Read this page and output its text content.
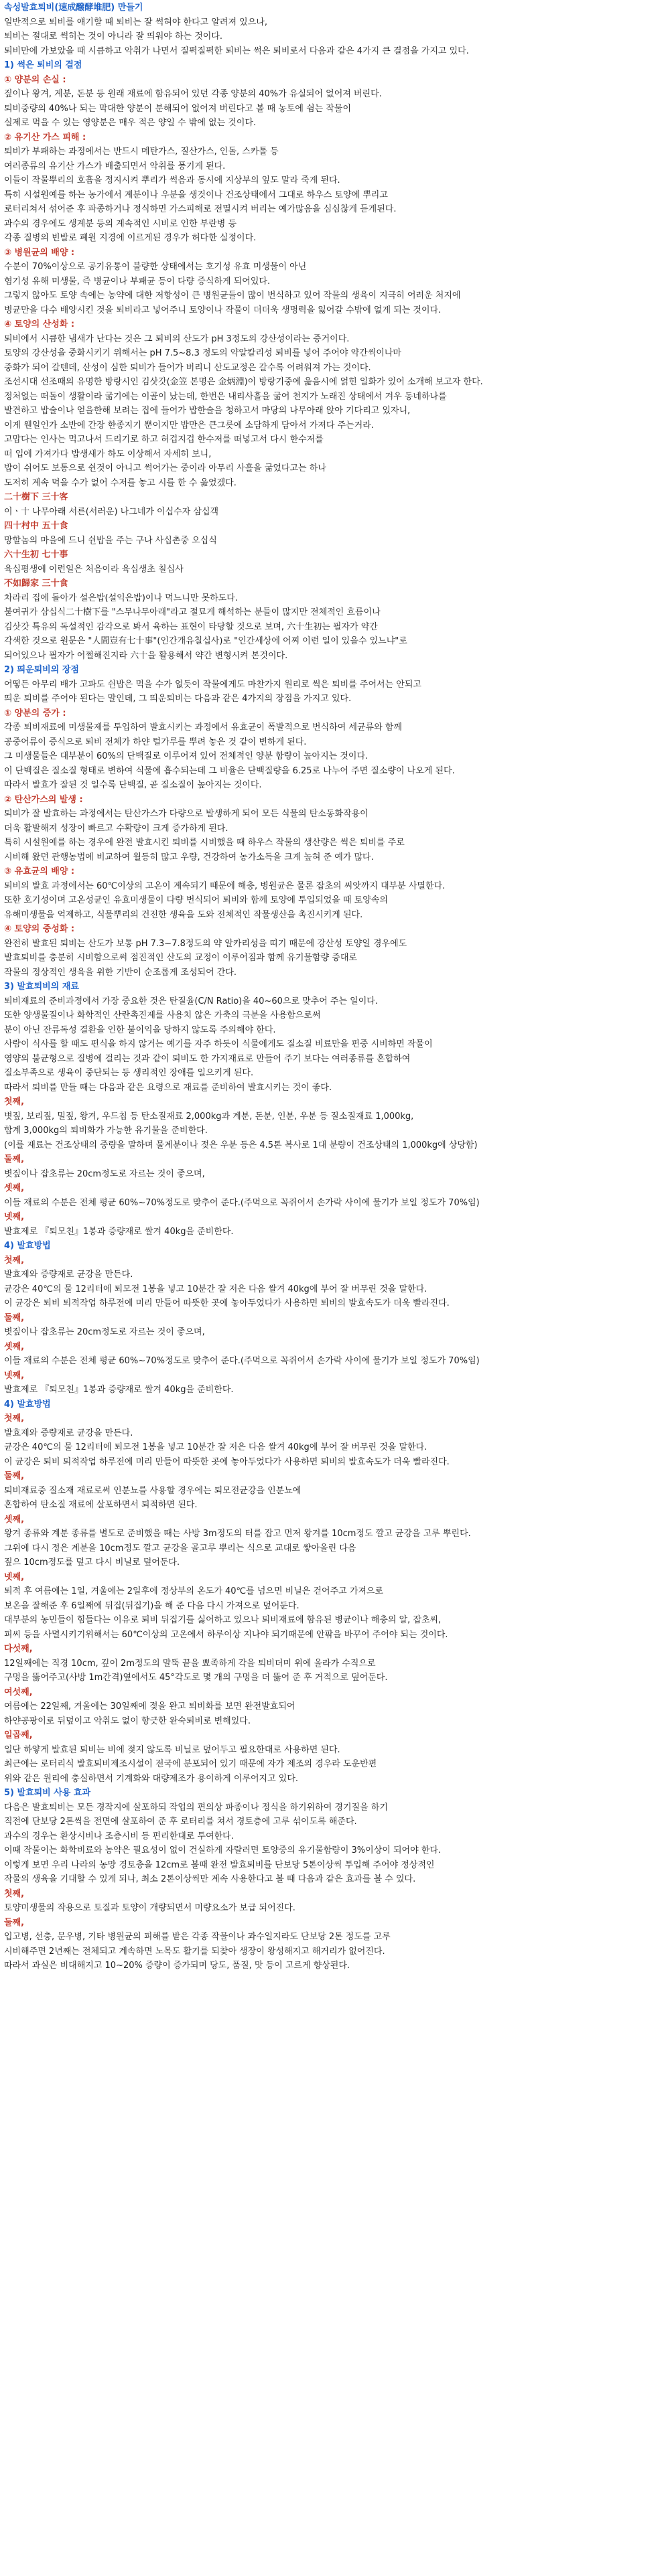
속성발효퇴비(速成醱酵堆肥) 만들기
일반적으로 퇴비를 얘기할 때 퇴비는 잘 썩혀야 한다고 알려져 있으나,
퇴비는 절대로 썩히는 것이 아니라 잘 띄워야 하는 것이다.
퇴비만에 가보았을 때 시큼하고 악취가 나면서 질펵질펵한 퇴비는 썩은 퇴비로서 다음과 같은 4가지 큰 결점을 가지고 있다.
1) 썩은 퇴비의 결점
① 양분의 손실 :
짚이나 왕겨, 계분, 돈분 등 원래 재료에 함유되어 있던 각종 양분의 40%가 유실되어 없어져 버린다.
퇴비중량의 40%나 되는 막대한 양분이 분해되어 없어져 버린다고 볼 때 농토에 쉼는 작물이
실제로 먹을 수 있는 영양분은 매우 적은 양일 수 밖에 없는 것이다.
② 유기산 가스 피해 :
퇴비가 부패하는 과정에서는 반드시 메탄가스, 질산가스, 인돌, 스카톨 등
여러종류의 유기산 가스가 배출되면서 악취를 풍기게 된다.
이들이 작물뿌리의 호흡을 정지시켜 뿌리가 썩음과 동시에 지상부의 잎도 말라 죽게 된다.
특히 시설원예를 하는 농가에서 계분이나 우분을 생것이나 건조상태에서 그대로 하우스 토양에 뿌리고
로터리쳐서 섞어준 후 파종하거나 정식하면 가스피해로 전멸시켜 버리는 예가많음을 심심찮게 듣게된다.
과수의 경우에도 생계분 등의 계속적인 시비로 인한 부란병 등
각종 질병의 빈발로 폐원 지경에 이르게된 경우가 허다한 실정이다.
③ 병원균의 배양 :
수분이 70%이상으로 공기유통이 불량한 상태에서는 호기성 유효 미생물이 아닌
혐기성 유해 미생물, 즉 병균이나 부패균 등이 다량 증식하게 되어있다.
그렇지 않아도 토양 속에는 농약에 대한 저항성이 큰 병원균들이 많이 번식하고 있어 작물의 생육이 지극히 어려운 처지에
병균만을 다수 배양시킨 것을 퇴비라고 넣어주니 토양이나 작물이 더더욱 생명력을 잃어갈 수밖에 없게 되는 것이다.
④ 토양의 산성화 :
퇴비에서 시큼한 냄새가 난다는 것은 그 퇴비의 산도가 pH 3정도의 강산성이라는 증거이다.
토양의 강산성을 중화시키기 위해서는 pH 7.5~8.3 정도의 약알칼리성 퇴비를 넣어 주어야 약간씩이나마
중화가 되어 갈텐데, 산성이 심한 퇴비가 들어가 버리니 산도교정은 갈수록 어려워져 가는 것이다.
조선시대 선조때의 유명한 방랑시인 김삿갓(金笠 본명은 金炳淵)이 방랑기중에 읊음시에 얽힌 일화가 있어 소개해 보고자 한다.
정처없는 떠돌이 생활이라 굶기에는 이골이 났는데, 한번은 내리사흘을 굶어 천지가 노래진 상태에서 겨우 동네하나를
발견하고 밥술이나 얻을한해 보려는 집에 들어가 밥한술을 청하고서 마당의 나무아래 앉아 기다리고 있자니,
이게 웬일인가 소반에 간장 한종지기 뿐이지만 밥만은 큰그릇에 소담하게 담아서 가져다 주는거라.
고맙다는 인사는 먹고나서 드리기로 하고 허겁지겁 한수저를 떠넣고서 다시 한수저를
떠 입에 가져가다 밥생새가 하도 이상해서 자세히 보니,
밥이 쉬어도 보통으로 쉰것이 아니고 썩어가는 중이라 아무리 사흘을 굶었다고는 하나
도저히 계속 먹을 수가 없어 수저를 놓고 시를 한 수 읊었겠다.
二十樹下 三十客
이ㆍ十 나무아래 서른(서러운) 나그네가 이십수자 삼십객
四十村中 五十食
망할놈의 마을에 드니 쉰밥을 주는 구나 사십촌중 오십식
六十生初 七十事
육십평생에 이런일은 처음이라 육십생초 칠십사
不如歸家 三十食
차라리 집에 돌아가 설은밥(설익은밥)이나 먹느니만 못하도다.
불여귀가 삼십식二十樹下를 "스무나무아래"라고 절묘게 해석하는 분들이 많지만 전체적인 흐름이나
김삿갓 특유의 독설적인 감각으로 봐서 육하는 표현이 타당할 것으로 보며, 六十生初는 필자가 약간
각색한 것으로 원문은 "人間豈有七十事"(인간개유칠십사)로 "인간세상에 어찌 이런 일이 있을수 있느냐"로
되어있으나 필자가 어쩔해진지라 六十을 활용해서 약간 변형시켜 본것이다.
2) 띄운퇴비의 장점
어떻든 아무리 배가 고파도 쉰밥은 먹을 수가 없듯이 작물에게도 마찬가지 원리로 썩은 퇴비를 주어서는 안되고
띄운 퇴비를 주어야 된다는 말인데, 그 띄운퇴비는 다음과 같은 4가지의 장점을 가지고 있다.
① 양분의 증가 :
각종 퇴비재료에 미생물제를 투입하여 발효시키는 과정에서 유효균이 폭발적으로 번식하여 세균류와 함께
공중어류이 증식으로 퇴비 전체가 하얀 털가루를 뿌려 놓은 것 같이 변하게 된다.
그 미생물들은 대부분이 60%의 단백질로 이루어져 있어 전체적인 양분 함량이 높아지는 것이다.
이 단백질은 질소질 형태로 변하여 식물에 흡수되는데 그 비율은 단백질량을 6.25로 나누어 주면 질소량이 나오게 된다.
따라서 발효가 잘된 것 일수록 단백질, 곧 질소질이 높아지는 것이다.
② 탄산가스의 발생 :
퇴비가 잘 발효하는 과정에서는 탄산가스가 다량으로 발생하게 되어 모든 식물의 탄소동화작용이
더욱 활발해져 성장이 빠르고 수확량이 크게 증가하게 된다.
특히 시설원예를 하는 경우에 완전 발효시킨 퇴비를 시비했을 때 하우스 작물의 생산량은 썩은 퇴비를 주로
시비해 왔던 관행농법에 비교하여 월등히 많고 우량, 건강하여 농가소득을 크게 높혀 준 예가 많다.
③ 유효균의 배양 :
퇴비의 발효 과정에서는 60℃이상의 고온이 계속되기 때문에 해충, 병원균은 물론 잡초의 씨앗까지 대부분 사멸한다.
또한 호기성이며 고온성균인 유효미생물이 다량 번식되어 퇴비와 함께 토양에 투입되었을 때 토양속의
유해미생물을 억제하고, 식물뿌리의 건전한 생육을 도와 전체적인 작물생산을 촉진시키게 된다.
④ 토양의 중성화 :
완전히 발효된 퇴비는 산도가 보통 pH 7.3~7.8정도의 약 알카리성을 띠기 때문에 강산성 토양일 경우에도
발효퇴비를 충분히 시비함으로써 점진적인 산도의 교정이 이루어짐과 함께 유기물함량 증대로
작물의 정상적인 생육을 위한 기반이 순조롭게 조성되어 간다.
3) 발효퇴비의 재료
퇴비재료의 준비과정에서 가장 중요한 것은 탄질율(C/N Ratio)을 40~60으로 맞추어 주는 일이다.
또한 양생물질이나 화학적인 산란촉진제를 사용치 않은 가축의 극분을 사용함으로써
분이 아닌 잔류독성 결환을 인한 불이익을 당하지 않도록 주의해야 한다.
사람이 식사를 할 때도 편식을 하지 않거는 예기를 자주 하듯이 식물에게도 질소질 비료만을 편중 시비하면 작물이
영양의 불균형으로 질병에 걸리는 것과 같이 퇴비도 한 가지재료로 만들어 주기 보다는 여러종류를 혼합하여
질소부족으로 생육이 중단되는 등 생리적인 장애를 일으키게 된다.
따라서 퇴비를 만들 때는 다음과 같은 요령으로 재료를 준비하여 발효시키는 것이 좋다.
첫째,
볏짚, 보리짚, 밀짚, 왕겨, 우드칩 등 탄소질재료 2,000kg과 계분, 돈분, 인분, 우분 등 질소질재료 1,000kg,
합계 3,000kg의 퇴비화가 가능한 유기물을 준비한다.
(이를 재료는 건조상태의 중량을 말하며 물계분이나 젖은 우분 등은 4.5톤 복사로 1대 분량이 건조상태의 1,000kg에 상당함)
둘째,
볏짚이나 잡초류는 20cm정도로 자르는 것이 좋으며,
셋째,
이들 재료의 수분은 전체 평균 60%~70%정도로 맞추어 준다.(주먹으로 꼭쥐어서 손가락 사이에 물기가 보일 정도가 70%임)
넷째,
발효제로 『퇴모친』1봉과 증량재로 쌀겨 40kg을 준비한다.
4) 발효방법
첫째,
발효제와 증량재로 균강을 만든다.
균강은 40℃의 물 12리터에 퇴모전 1봉을 넣고 10분간 잘 저은 다음 쌀겨 40kg에 부어 잘 버무린 것을 말한다.
이 균강은 퇴비 퇴적작업 하루전에 미리 만들어 따뜻한 곳에 놓아두었다가 사용하면 퇴비의 발효속도가 더욱 빨라진다.
둘째,
볏짚이나 잡초류는 20cm정도로 자르는 것이 좋으며,
셋째,
이들 재료의 수분은 전체 평균 60%~70%정도로 맞추어 준다.(주먹으로 꼭쥐어서 손가락 사이에 물기가 보일 정도가 70%임)
넷째,
발효제로 『퇴모친』1봉과 증량재로 쌀겨 40kg을 준비한다.
4) 발효방법
첫째,
발효제와 증량재로 균강을 만든다.
균강은 40℃의 물 12리터에 퇴모전 1봉을 넣고 10분간 잘 저은 다음 쌀겨 40kg에 부어 잘 버무린 것을 말한다.
이 균강은 퇴비 퇴적작업 하루전에 미리 만들어 따뜻한 곳에 놓아두었다가 사용하면 퇴비의 발효속도가 더욱 빨라진다.
둘째,
퇴비재료중 질소재 재료로써 인분뇨를 사용할 경우에는 퇴모전균강을 인분뇨에
혼합하여 탄소질 재료에 살포하면서 퇴적하면 된다.
셋째,
왕겨 종류와 계분 종류를 별도로 준비했을 때는 사방 3m정도의 터를 잡고 먼저 왕겨를 10cm정도 깔고 균강을 고루 뿌린다.
그위에 다시 정은 계분을 10cm정도 깔고 균강을 골고루 뿌리는 식으로 교대로 쌓아올린 다음
짚으 10cm정도를 덮고 다시 비닐로 덮어둔다.
넷째,
퇴적 후 여름에는 1일, 겨울에는 2일후에 정상부의 온도가 40℃를 넘으면 비닐은 걷어주고 가져으로
보온을 잘해준 후 6일째에 뒤집(뒤집기)을 해 준 다음 다시 가져으로 덮어둔다.
대부분의 농민들이 힘들다는 이유로 퇴비 뒤집기를 싫어하고 있으나 퇴비재료에 함유된 병균이나 해충의 알, 잡초씨,
피씨 등을 사멸시키기위해서는 60℃이상의 고온에서 하루이상 지나야 되기때문에 안팎을 바꾸어 주어야 되는 것이다.
다섯째,
12일째에는 직경 10cm, 깊이 2m정도의 말뚝 끝을 뾰족하게 각을 퇴비더미 위에 올라가 수직으로
구멍을 뚫어주고(사방 1m간격)옆에서도 45°각도로 몇 개의 구멍을 더 뚫어 준 후 거적으로 덮어둔다.
여섯째,
여름에는 22일째, 겨울에는 30일째에 젖을 완고 퇴비화를 보면 완전발효되어
하얀공팡이로 뒤덮이고 악취도 없이 향긋한 완숙퇴비로 변해있다.
일곱째,
일단 하얗게 발효된 퇴비는 비에 젖지 않도록 비닐로 덮어두고 필요한대로 사용하면 된다.
최근에는 로터리식 발효퇴비제조시설이 전국에 분포되어 있기 때문에 자가 제조의 경우라 도운반편
위와 같은 원리에 충실하면서 기계화와 대량제조가 용이하게 이루어지고 있다.
5) 발효퇴비 사용 효과
다음은 발효퇴비는 모든 경작지에 살포하되 작업의 편의상 파종이나 정식을 하기위하여 경기질을 하기
직전에 단보당 2톤씩을 전면에 살포하여 준 후 로터리를 쳐서 경토층에 고루 섞이도록 해준다.
과수의 경우는 환상시비나 조층시비 등 편리한대로 투여한다.
이때 작물이는 화학비료와 농약은 필요성이 없이 건실하게 자랄러면 토양중의 유기물함량이 3%이상이 되어야 한다.
이렇게 보면 우리 나라의 농망 경토층을 12cm로 볼때 완전 발효퇴비를 단보당 5톤이상씩 투입해 주어야 정상적인
작물의 생육을 기대할 수 있게 되나, 최소 2톤이상씩만 계속 사용한다고 볼 때 다음과 같은 효과를 볼 수 있다.
첫째,
토양미생물의 작용으로 토질과 토양이 개량되면서 미량요소가 보급 되어진다.
둘째,
입고병, 선충, 문우병, 기타 병원균의 피해를 받은 각종 작물이나 과수일지라도 단보당 2톤 정도를 고루
시비해주면 2년째는 전체되고 계속하면 노목도 활기를 되찾아 생장이 왕성해지고 해거리가 없어진다.
따라서 과실은 비대해지고 10~20% 증량이 증가되며 당도, 품질, 맛 등이 고르게 향상된다.
